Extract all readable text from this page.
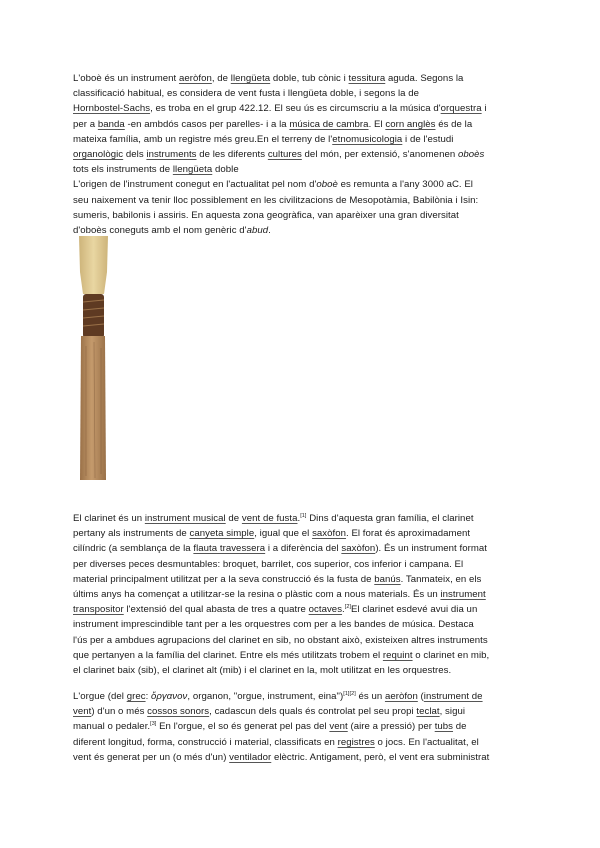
L'oboè és un instrument aeròfon, de llengüeta doble, tub cònic i tessitura aguda. Segons la
classificació habitual, es considera de vent fusta i llengüeta doble, i segons la de
Hornbostel-Sachs, es troba en el grup 422.12. El seu ús es circumscriu a la música d'orquestra i
per a banda -en ambdós casos per parelles- i a la música de cambra. El corn anglès és de la
mateixa família, amb un registre més greu.En el terreny de l'etnomusicologia i de l'estudi
organològic dels instruments de les diferents cultures del món, per extensió, s'anomenen oboès
tots els instruments de llengüeta doble
L'origen de l'instrument conegut en l'actualitat pel nom d'oboè es remunta a l'any 3000 aC. El
seu naixement va tenir lloc possiblement en les civilitzacions de Mesopotàmia, Babilònia i Isin:
sumeris, babilonis i assiris. En aquesta zona geogràfica, van aparèixer una gran diversitat
d'oboès coneguts amb el nom genèric d'abud.

El clarinet és un instrument musical de vent de fusta.[1] Dins d'aquesta gran família, el clarinet
pertany als instruments de canyeta simple, igual que el saxòfon. El forat és aproximadament
cilíndric (a semblança de la flauta travessera i a diferència del saxòfon). És un instrument format
per diverses peces desmuntables: broquet, barrilet, cos superior, cos inferior i campana. El
material principalment utilitzat per a la seva construcció és la fusta de banús. Tanmateix, en els
últims anys ha començat a utilitzar-se la resina o plàstic com a nous materials. És un instrument
transpositor l'extensió del qual abasta de tres a quatre octaves.[2]El clarinet esdevé avui dia un
instrument imprescindible tant per a les orquestres com per a les bandes de música. Destaca
l'ús per a ambdues agrupacions del clarinet en sib, no obstant això, existeixen altres instruments
que pertanyen a la família del clarinet. Entre els més utilitzats trobem el requint o clarinet en mib,
el clarinet baix (sib), el clarinet alt (mib) i el clarinet en la, molt utilitzat en les orquestres.

L'orgue (del grec: ὄργανον, organon, "orgue, instrument, eina")[1][2] és un aeròfon (instrument de
vent) d'un o més cossos sonors, cadascun dels quals és controlat pel seu propi teclat, sigui
manual o pedaler.[3] En l'orgue, el so és generat pel pas del vent (aire a pressió) per tubs de
diferent longitud, forma, construcció i material, classificats en registres o jocs. En l'actualitat, el
vent és generat per un (o més d'un) ventilador elèctric. Antigament, però, el vent era subministrat
